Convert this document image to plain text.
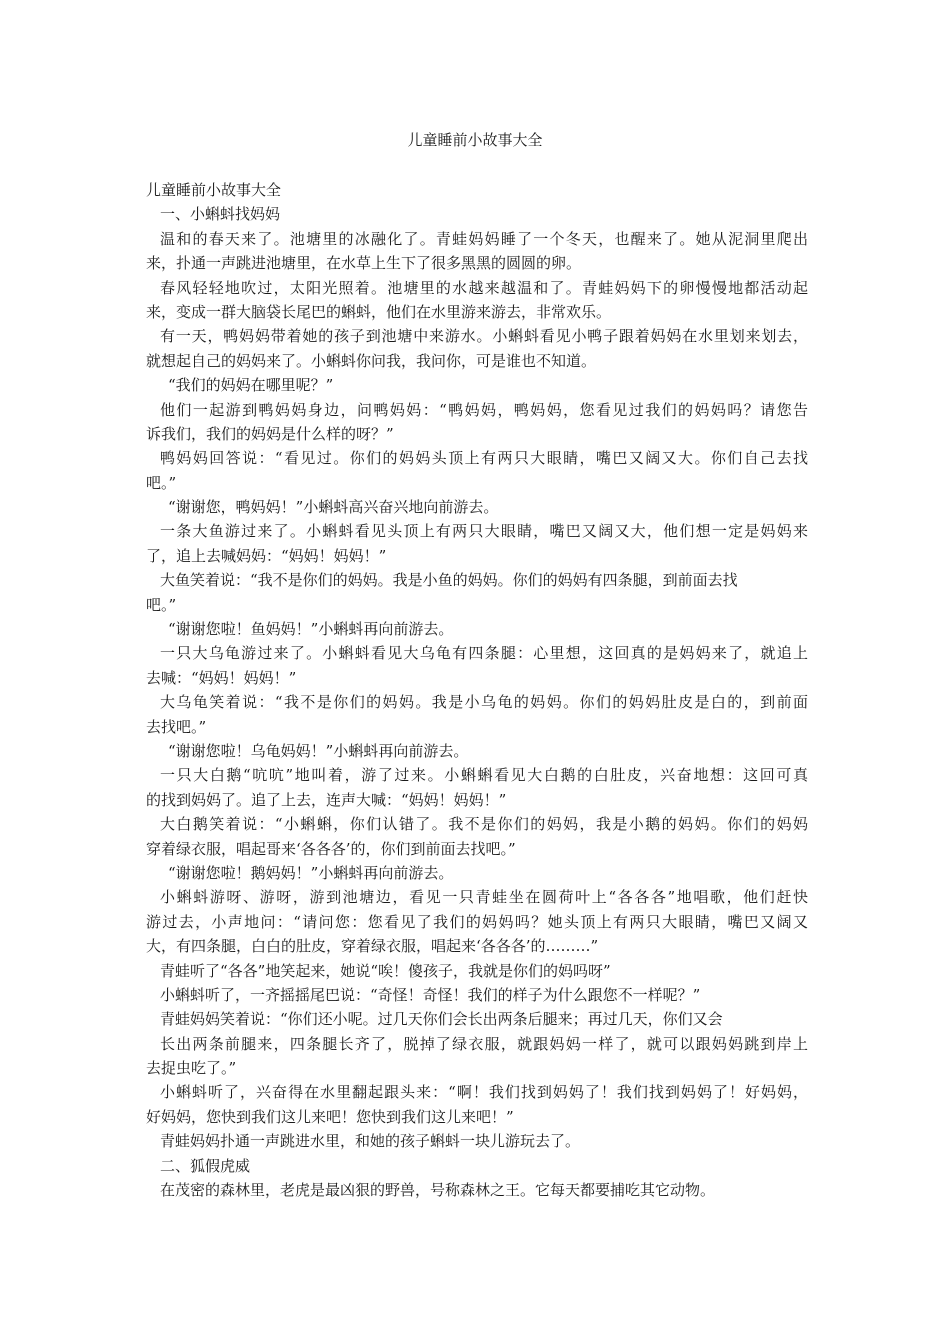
儿童睡前小故事大全

儿童睡前小故事大全

一、小蝌蚪找妈妈

温和的春天来了。池塘里的冰融化了。青蛙妈妈睡了一个冬天，也醒来了。她从泥洞里爬出

来，扑通一声跳进池塘里，在水草上生下了很多黑黑的圆圆的卵。

春风轻轻地吹过，太阳光照着。池塘里的水越来越温和了。青蛙妈妈下的卵慢慢地都活动起

来，变成一群大脑袋长尾巴的蝌蚪，他们在水里游来游去，非常欢乐。

有一天，鸭妈妈带着她的孩子到池塘中来游水。小蝌蚪看见小鸭子跟着妈妈在水里划来划去，

就想起自己的妈妈来了。小蝌蚪你问我，我问你，可是谁也不知道。

“我们的妈妈在哪里呢？”

他们一起游到鸭妈妈身边，问鸭妈妈：“鸭妈妈，鸭妈妈，您看见过我们的妈妈吗？请您告

诉我们，我们的妈妈是什么样的呀？”

鸭妈妈回答说：“看见过。你们的妈妈头顶上有两只大眼睛，嘴巴又阔又大。你们自己去找

吧。”

“谢谢您，鸭妈妈！”小蝌蚪高兴奋兴地向前游去。

一条大鱼游过来了。小蝌蚪看见头顶上有两只大眼睛，嘴巴又阔又大，他们想一定是妈妈来

了，追上去喊妈妈：“妈妈！妈妈！”

大鱼笑着说：“我不是你们的妈妈。我是小鱼的妈妈。你们的妈妈有四条腿，到前面去找

吧。”

“谢谢您啦！鱼妈妈！”小蝌蚪再向前游去。

一只大乌龟游过来了。小蝌蚪看见大乌龟有四条腿：心里想，这回真的是妈妈来了，就追上

去喊：“妈妈！妈妈！”

大乌龟笑着说：“我不是你们的妈妈。我是小乌龟的妈妈。你们的妈妈肚皮是白的，到前面

去找吧。”

“谢谢您啦！乌龟妈妈！”小蝌蚪再向前游去。

一只大白鹅“吭吭”地叫着，游了过来。小蝌蝌看见大白鹅的白肚皮，兴奋地想：这回可真

的找到妈妈了。追了上去，连声大喊：“妈妈！妈妈！”

大白鹅笑着说：“小蝌蝌，你们认错了。我不是你们的妈妈，我是小鹅的妈妈。你们的妈妈

穿着绿衣服，唱起哥来‘各各各’的，你们到前面去找吧。”

“谢谢您啦！鹅妈妈！”小蝌蚪再向前游去。

小蝌蚪游呀、游呀，游到池塘边，看见一只青蛙坐在圆荷叶上“各各各”地唱歌，他们赶快

游过去，小声地问：“请问您：您看见了我们的妈妈吗？她头顶上有两只大眼睛，嘴巴又阔又

大，有四条腿，白白的肚皮，穿着绿衣服，唱起来‘各各各’的………”

青蛙听了“各各”地笑起来，她说“唉！傻孩子，我就是你们的妈吗呀”

小蝌蚪听了，一齐摇摇尾巴说：“奇怪！奇怪！我们的样子为什么跟您不一样呢？”

青蛙妈妈笑着说：“你们还小呢。过几天你们会长出两条后腿来；再过几天，你们又会

长出两条前腿来，四条腿长齐了，脱掉了绿衣服，就跟妈妈一样了，就可以跟妈妈跳到岸上

去捉虫吃了。”

小蝌蚪听了，兴奋得在水里翻起跟头来：“啊！我们找到妈妈了！我们找到妈妈了！好妈妈，

好妈妈，您快到我们这儿来吧！您快到我们这儿来吧！”

青蛙妈妈扑通一声跳进水里，和她的孩子蝌蚪一块儿游玩去了。

二、狐假虎威

在茂密的森林里，老虎是最凶狠的野兽，号称森林之王。它每天都要捕吃其它动物。
